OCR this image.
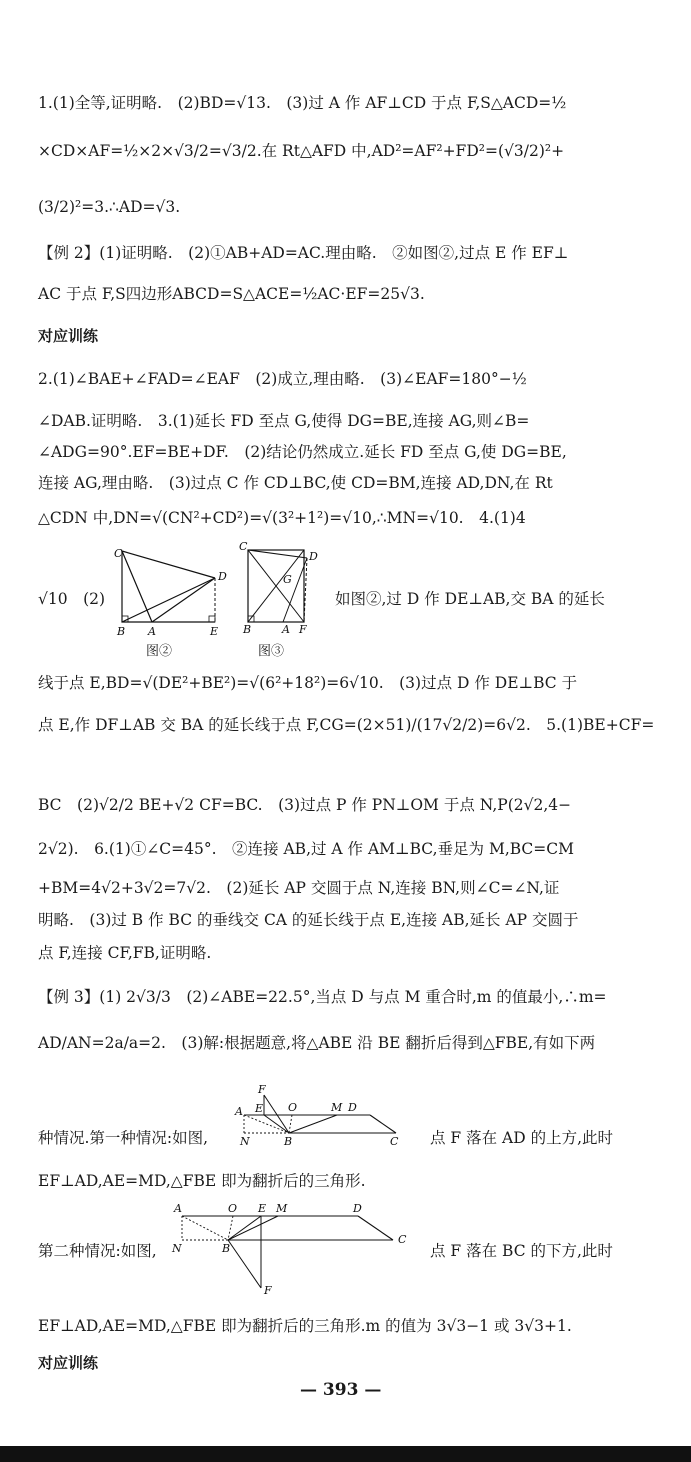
1.(1)全等,证明略.　(2)BD=√13.　(3)过 A 作 AF⊥CD 于点 F,S△ACD=½
×CD×AF=½×2×√3/2=√3/2.在 Rt△AFD 中,AD²=AF²+FD²=(√3/2)²+
(3/2)²=3.∴AD=√3.
【例 2】(1)证明略.　(2)①AB+AD=AC.理由略.　②如图②,过点 E 作 EF⊥
AC 于点 F,S四边形ABCD=S△ACE=½AC·EF=25√3.
对应训练
2.(1)∠BAE+∠FAD=∠EAF　(2)成立,理由略.　(3)∠EAF=180°−½
∠DAB.证明略.　3.(1)延长 FD 至点 G,使得 DG=BE,连接 AG,则∠B=
∠ADG=90°.EF=BE+DF.　(2)结论仍然成立.延长 FD 至点 G,使 DG=BE,
连接 AG,理由略.　(3)过点 C 作 CD⊥BC,使 CD=BM,连接 AD,DN,在 Rt
△CDN 中,DN=√(CN²+CD²)=√(3²+1²)=√10,∴MN=√10.　4.(1)4
√10　(2)	如图②,过 D 作 DE⊥AB,交 BA 的延长
线于点 E,BD=√(DE²+BE²)=√(6²+18²)=6√10.　(3)过点 D 作 DE⊥BC 于
点 E,作 DF⊥AB 交 BA 的延长线于点 F,CG=(2×51)/(17√2/2)=6√2.　5.(1)BE+CF=
BC　(2)√2/2 BE+√2 CF=BC.　(3)过点 P 作 PN⊥OM 于点 N,P(2√2,4−
2√2).　6.(1)①∠C=45°.　②连接 AB,过 A 作 AM⊥BC,垂足为 M,BC=CM
+BM=4√2+3√2=7√2.　(2)延长 AP 交圆于点 N,连接 BN,则∠C=∠N,证
明略.　(3)过 B 作 BC 的垂线交 CA 的延长线于点 E,连接 AB,延长 AP 交圆于
点 F,连接 CF,FB,证明略.
【例 3】(1) 2√3/3　(2)∠ABE=22.5°,当点 D 与点 M 重合时,m 的值最小,∴m=
AD/AN=2a/a=2.　(3)解:根据题意,将△ABE 沿 BE 翻折后得到△FBE,有如下两
种情况.第一种情况:如图,	点 F 落在 AD 的上方,此时
EF⊥AD,AE=MD,△FBE 即为翻折后的三角形.
第二种情况:如图,	点 F 落在 BC 的下方,此时
EF⊥AD,AE=MD,△FBE 即为翻折后的三角形.m 的值为 3√3−1 或 3√3+1.
对应训练
C
D
B A	E
图②
C
D
G
B	A F
图③
F
A E O	M D
N	B	C
A	O E M	D
N	B
C
F
— 393 —
